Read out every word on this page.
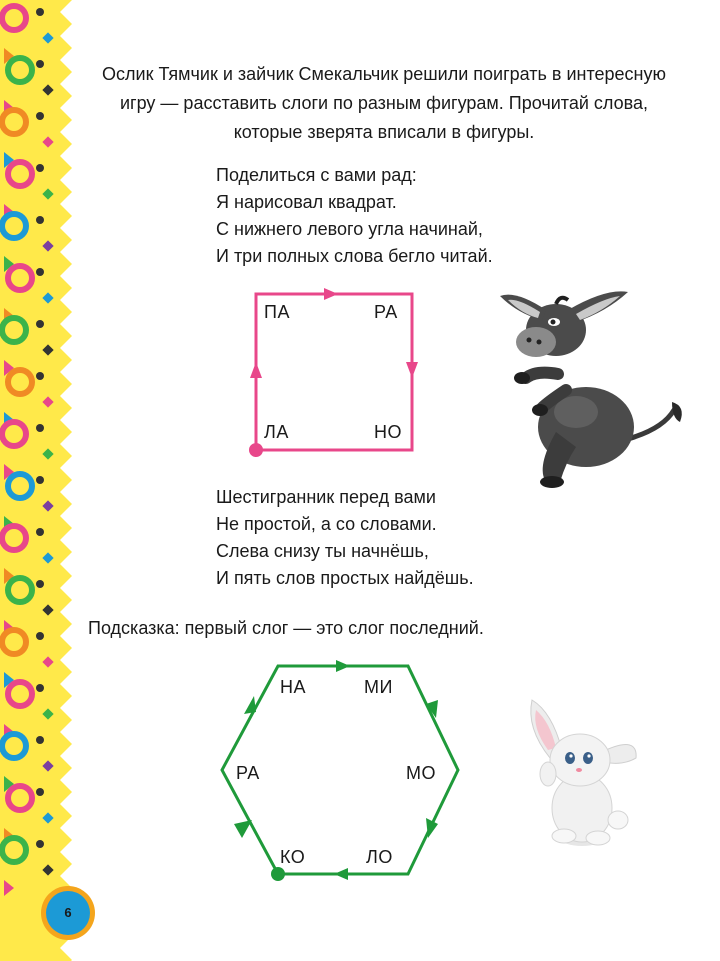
Ослик Тямчик и зайчик Смекальчик решили поиграть в интересную
игру — расставить слоги по разным фигурам. Прочитай слова,
которые зверята вписали в фигуры.
Поделиться с вами рад:
Я нарисовал квадрат.
С нижнего левого угла начинай,
И три полных слова бегло читай.
ПА	РА
ЛА	НО
Шестигранник перед вами
Не простой, а со словами.
Слева снизу ты начнёшь,
И пять слов простых найдёшь.
Подсказка: первый слог — это слог последний.
НА	МИ
РА	МО
КО	ЛО
6
